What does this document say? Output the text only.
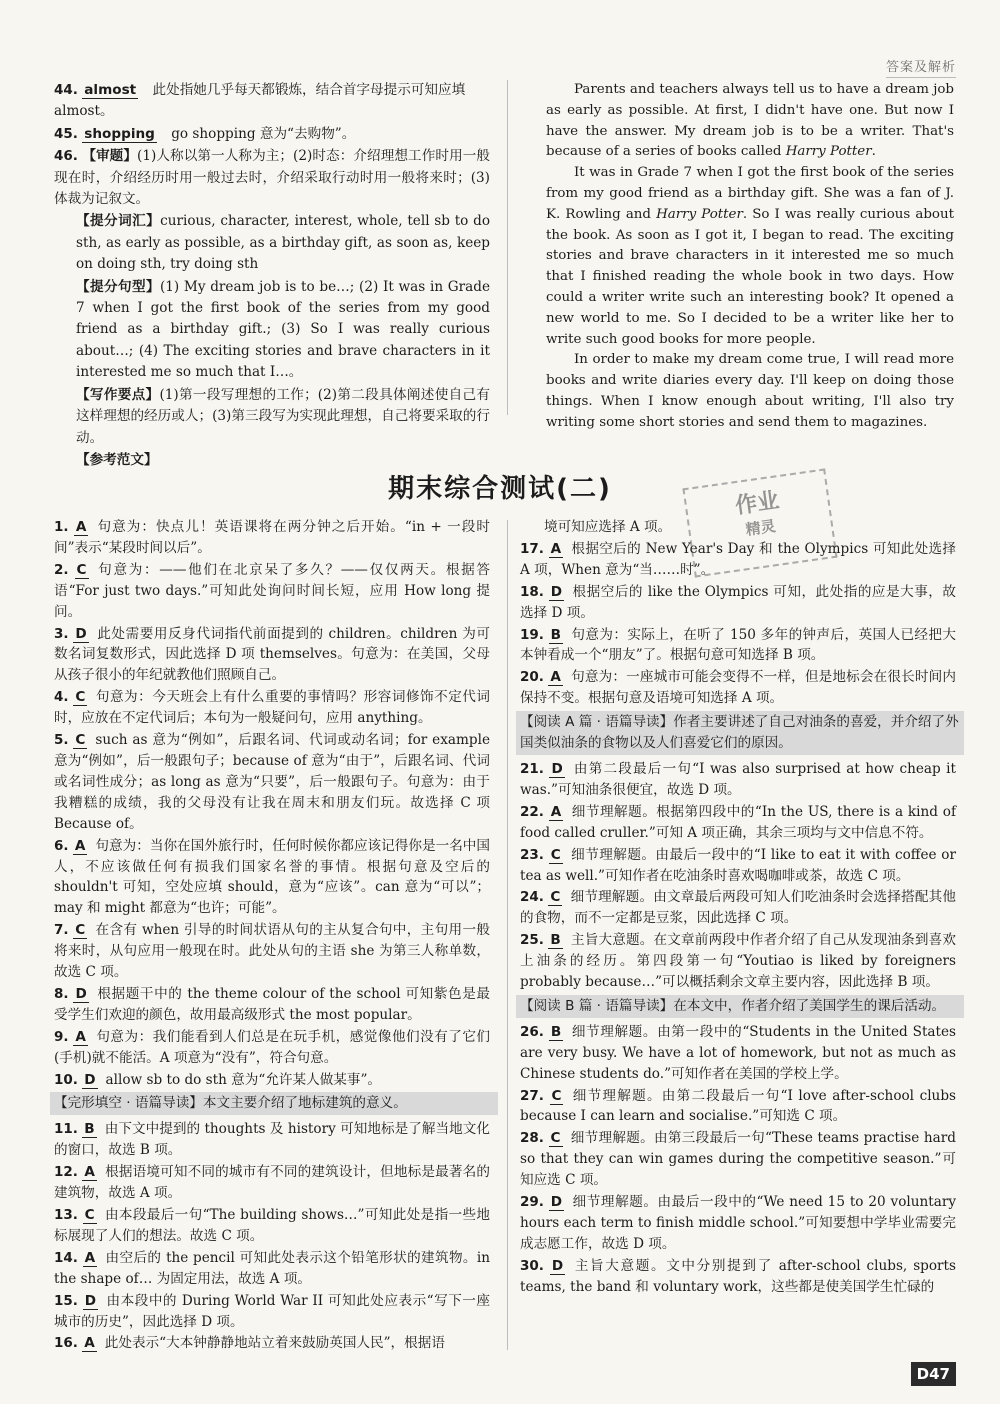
答案及解析
44. almost 此处指她几乎每天都锻炼，结合首字母提示可知应填almost。
45. shopping go shopping 意为“去购物”。
46. 【审题】(1)人称以第一人称为主；(2)时态：介绍理想工作时用一般现在时，介绍经历时用一般过去时，介绍采取行动时用一般将来时；(3)体裁为记叙文。
【提分词汇】curious, character, interest, whole, tell sb to do sth, as early as possible, as a birthday gift, as soon as, keep on doing sth, try doing sth
【提分句型】(1) My dream job is to be…; (2) It was in Grade 7 when I got the first book of the series from my good friend as a birthday gift.; (3) So I was really curious about…; (4) The exciting stories and brave characters in it interested me so much that I…。
【写作要点】(1)第一段写理想的工作；(2)第二段具体阐述使自己有这样理想的经历或人；(3)第三段写为实现此理想，自己将要采取的行动。
【参考范文】

Parents and teachers always tell us to have a dream job as early as possible. At first, I didn't have one. But now I have the answer. My dream job is to be a writer. That's because of a series of books called Harry Potter.

It was in Grade 7 when I got the first book of the series from my good friend as a birthday gift. She was a fan of J. K. Rowling and Harry Potter. So I was really curious about the book. As soon as I got it, I began to read. The exciting stories and brave characters in it interested me so much that I finished reading the whole book in two days. How could a writer write such an interesting book? It opened a new world to me. So I decided to be a writer like her to write such good books for more people.

In order to make my dream come true, I will read more books and write diaries every day. I'll keep on doing those things. When I know enough about writing, I'll also try writing some short stories and send them to magazines.

期末综合测试(二)	作业
精灵
1. A 句意为：快点儿！英语课将在两分钟之后开始。“in + 一段时间”表示“某段时间以后”。
2. C 句意为：——他们在北京呆了多久？——仅仅两天。根据答语“For just two days.”可知此处询问时间长短，应用 How long 提问。
3. D 此处需要用反身代词指代前面提到的 children。children 为可数名词复数形式，因此选择 D 项 themselves。句意为：在美国，父母从孩子很小的年纪就教他们照顾自己。
4. C 句意为：今天班会上有什么重要的事情吗？形容词修饰不定代词时，应放在不定代词后；本句为一般疑问句，应用 anything。
5. C such as 意为“例如”，后跟名词、代词或动名词；for example 意为“例如”，后一般跟句子；because of 意为“由于”，后跟名词、代词或名词性成分；as long as 意为“只要”，后一般跟句子。句意为：由于我糟糕的成绩，我的父母没有让我在周末和朋友们玩。故选择 C 项 Because of。
6. A 句意为：当你在国外旅行时，任何时候你都应该记得你是一名中国人，不应该做任何有损我们国家名誉的事情。根据句意及空后的 shouldn't 可知，空处应填 should，意为“应该”。can 意为“可以”；may 和 might 都意为“也许；可能”。
7. C 在含有 when 引导的时间状语从句的主从复合句中，主句用一般将来时，从句应用一般现在时。此处从句的主语 she 为第三人称单数，故选 C 项。
8. D 根据题干中的 the theme colour of the school 可知紫色是最受学生们欢迎的颜色，故用最高级形式 the most popular。
9. A 句意为：我们能看到人们总是在玩手机，感觉像他们没有了它们(手机)就不能活。A 项意为“没有”，符合句意。
10. D allow sb to do sth 意为“允许某人做某事”。
【完形填空 · 语篇导读】本文主要介绍了地标建筑的意义。
11. B 由下文中提到的 thoughts 及 history 可知地标是了解当地文化的窗口，故选 B 项。
12. A 根据语境可知不同的城市有不同的建筑设计，但地标是最著名的建筑物，故选 A 项。
13. C 由本段最后一句“The building shows…”可知此处是指一些地标展现了人们的想法。故选 C 项。
14. A 由空后的 the pencil 可知此处表示这个铅笔形状的建筑物。in the shape of… 为固定用法，故选 A 项。
15. D 由本段中的 During World War II 可知此处应表示“写下一座城市的历史”，因此选择 D 项。
16. A 此处表示“大本钟静静地站立着来鼓励英国人民”，根据语
境可知应选择 A 项。
17. A 根据空后的 New Year's Day 和 the Olympics 可知此处选择 A 项，When 意为“当……时”。
18. D 根据空后的 like the Olympics 可知，此处指的应是大事，故选择 D 项。
19. B 句意为：实际上，在听了 150 多年的钟声后，英国人已经把大本钟看成一个“朋友”了。根据句意可知选择 B 项。
20. A 句意为：一座城市可能会变得不一样，但是地标会在很长时间内保持不变。根据句意及语境可知选择 A 项。
【阅读 A 篇 · 语篇导读】作者主要讲述了自己对油条的喜爱，并介绍了外国类似油条的食物以及人们喜爱它们的原因。
21. D 由第二段最后一句“I was also surprised at how cheap it was.”可知油条很便宜，故选 D 项。
22. A 细节理解题。根据第四段中的“In the US, there is a kind of food called cruller.”可知 A 项正确，其余三项均与文中信息不符。
23. C 细节理解题。由最后一段中的“I like to eat it with coffee or tea as well.”可知作者在吃油条时喜欢喝咖啡或茶，故选 C 项。
24. C 细节理解题。由文章最后两段可知人们吃油条时会选择搭配其他的食物，而不一定都是豆浆，因此选择 C 项。
25. B 主旨大意题。在文章前两段中作者介绍了自己从发现油条到喜欢上油条的经历。第四段第一句“Youtiao is liked by foreigners probably because…”可以概括剩余文章主要内容，因此选择 B 项。
【阅读 B 篇 · 语篇导读】在本文中，作者介绍了美国学生的课后活动。
26. B 细节理解题。由第一段中的“Students in the United States are very busy. We have a lot of homework, but not as much as Chinese students do.”可知作者在美国的学校上学。
27. C 细节理解题。由第二段最后一句“I love after-school clubs because I can learn and socialise.”可知选 C 项。
28. C 细节理解题。由第三段最后一句“These teams practise hard so that they can win games during the competitive season.”可知应选 C 项。
29. D 细节理解题。由最后一段中的“We need 15 to 20 voluntary hours each term to finish middle school.”可知要想中学毕业需要完成志愿工作，故选 D 项。
30. D 主旨大意题。文中分别提到了 after-school clubs, sports teams, the band 和 voluntary work，这些都是使美国学生忙碌的
D47
